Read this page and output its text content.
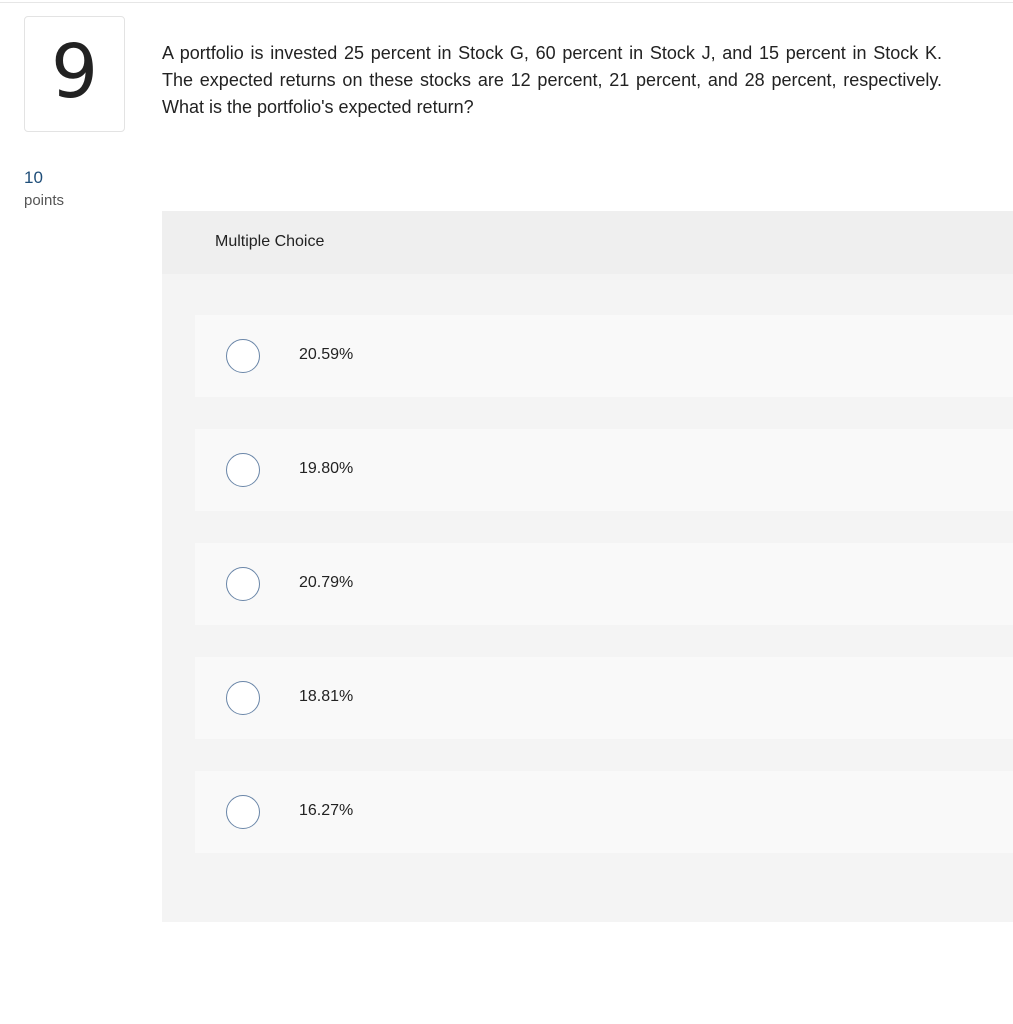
9
10
points
A portfolio is invested 25 percent in Stock G, 60 percent in Stock J, and 15 percent in Stock K. The expected returns on these stocks are 12 percent, 21 percent, and 28 percent, respectively. What is the portfolio's expected return?
Multiple Choice
20.59%
19.80%
20.79%
18.81%
16.27%
